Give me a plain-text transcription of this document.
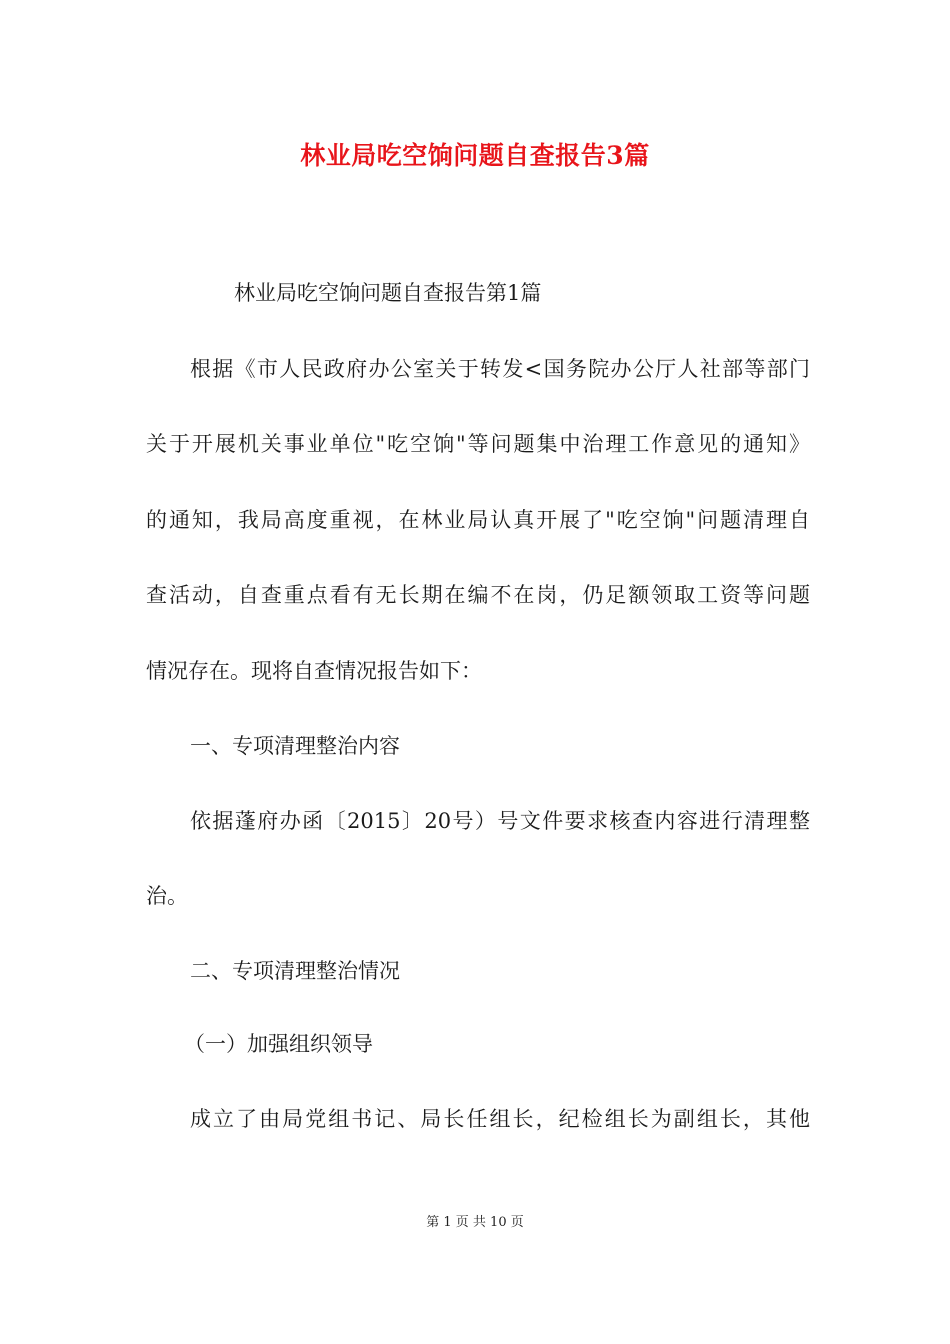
林业局吃空饷问题自查报告3篇
林业局吃空饷问题自查报告第1篇
根据《市人民政府办公室关于转发<国务院办公厅人社部等部门
关于开展机关事业单位"吃空饷"等问题集中治理工作意见的通知》
的通知，我局高度重视，在林业局认真开展了"吃空饷"问题清理自
查活动，自查重点看有无长期在编不在岗，仍足额领取工资等问题
情况存在。现将自查情况报告如下：
一、专项清理整治内容
依据蓬府办函〔2015〕20号）号文件要求核查内容进行清理整
治。
二、专项清理整治情况
（一）加强组织领导
成立了由局党组书记、局长任组长，纪检组长为副组长，其他
第 1 页 共 10 页
